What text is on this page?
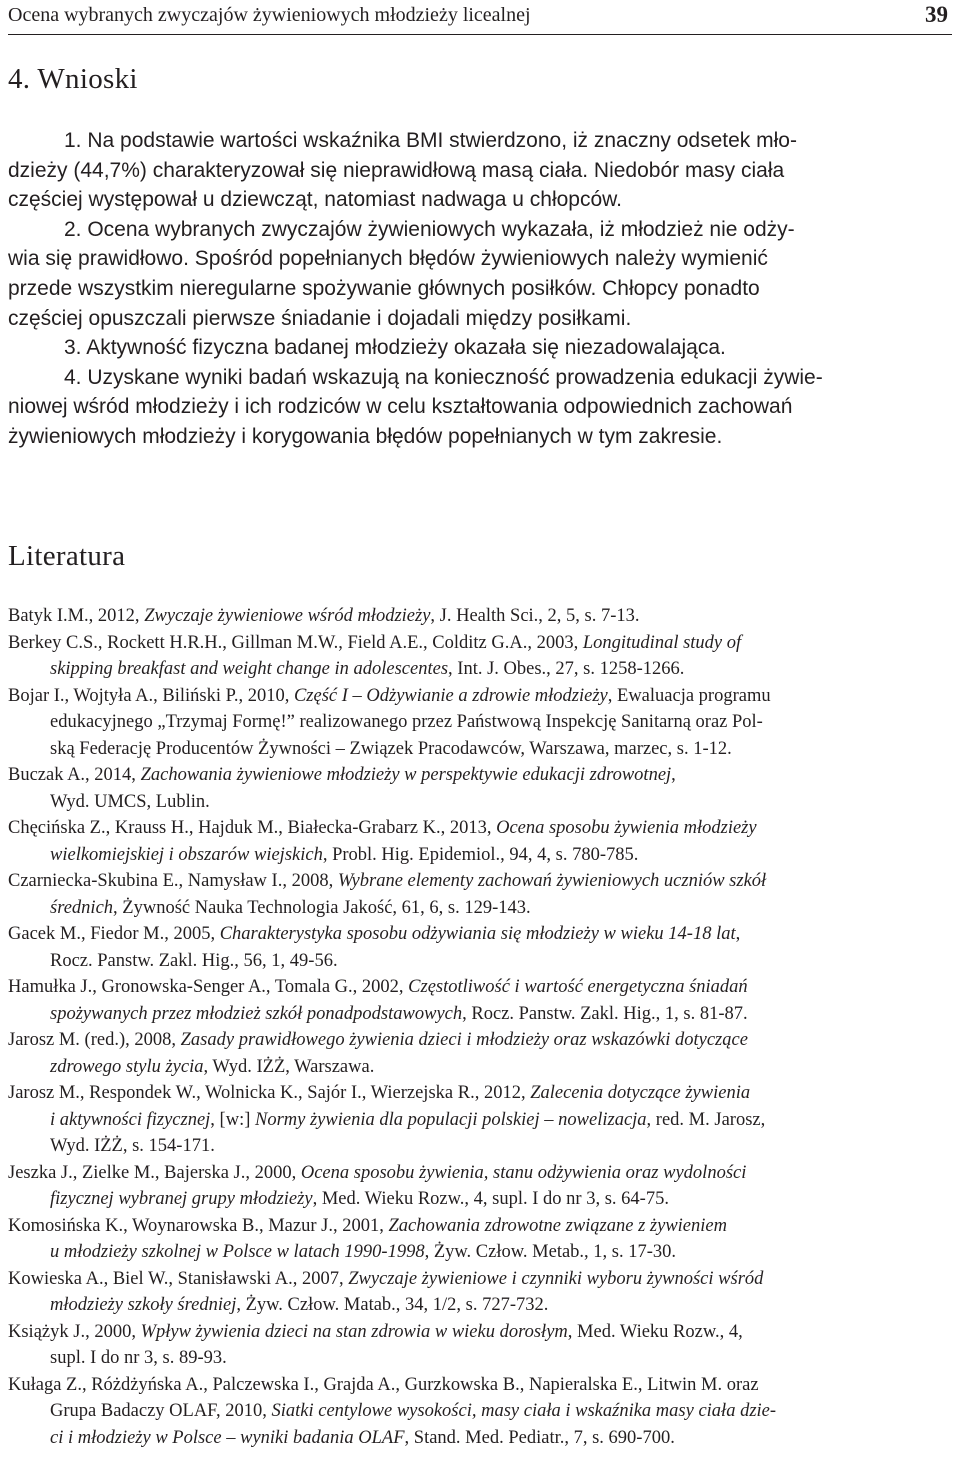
Ocena wybranych zwyczajów żywieniowych młodzieży licealnej	39
4. Wnioski
1. Na podstawie wartości wskaźnika BMI stwierdzono, iż znaczny odsetek mło-
dzieży (44,7%) charakteryzował się nieprawidłową masą ciała. Niedobór masy ciała
częściej występował u dziewcząt, natomiast nadwaga u chłopców.
2. Ocena wybranych zwyczajów żywieniowych wykazała, iż młodzież nie odży-
wia się prawidłowo. Spośród popełnianych błędów żywieniowych należy wymienić
przede wszystkim nieregularne spożywanie głównych posiłków. Chłopcy ponadto
częściej opuszczali pierwsze śniadanie i dojadali między posiłkami.
3. Aktywność fizyczna badanej młodzieży okazała się niezadowalająca.
4. Uzyskane wyniki badań wskazują na konieczność prowadzenia edukacji żywie-
niowej wśród młodzieży i ich rodziców w celu kształtowania odpowiednich zachowań
żywieniowych młodzieży i korygowania błędów popełnianych w tym zakresie.
Literatura
Batyk I.M., 2012, Zwyczaje żywieniowe wśród młodzieży, J. Health Sci., 2, 5, s. 7-13.
Berkey C.S., Rockett H.R.H., Gillman M.W., Field A.E., Colditz G.A., 2003, Longitudinal study of
skipping breakfast and weight change in adolescentes, Int. J. Obes., 27, s. 1258-1266.
Bojar I., Wojtyła A., Biliński P., 2010, Część I – Odżywianie a zdrowie młodzieży, Ewaluacja programu
edukacyjnego „Trzymaj Formę!” realizowanego przez Państwową Inspekcję Sanitarną oraz Pol-
ską Federację Producentów Żywności – Związek Pracodawców, Warszawa, marzec, s. 1-12.
Buczak A., 2014, Zachowania żywieniowe młodzieży w perspektywie edukacji zdrowotnej,
Wyd. UMCS, Lublin.
Chęcińska Z., Krauss H., Hajduk M., Białecka-Grabarz K., 2013, Ocena sposobu żywienia młodzieży
wielkomiejskiej i obszarów wiejskich, Probl. Hig. Epidemiol., 94, 4, s. 780-785.
Czarniecka-Skubina E., Namysław I., 2008, Wybrane elementy zachowań żywieniowych uczniów szkół
średnich, Żywność Nauka Technologia Jakość, 61, 6, s. 129-143.
Gacek M., Fiedor M., 2005, Charakterystyka sposobu odżywiania się młodzieży w wieku 14-18 lat,
Rocz. Panstw. Zakl. Hig., 56, 1, 49-56.
Hamułka J., Gronowska-Senger A., Tomala G., 2002, Częstotliwość i wartość energetyczna śniadań
spożywanych przez młodzież szkół ponadpodstawowych, Rocz. Panstw. Zakl. Hig., 1, s. 81-87.
Jarosz M. (red.), 2008, Zasady prawidłowego żywienia dzieci i młodzieży oraz wskazówki dotyczące
zdrowego stylu życia, Wyd. IŻŻ, Warszawa.
Jarosz M., Respondek W., Wolnicka K., Sajór I., Wierzejska R., 2012, Zalecenia dotyczące żywienia
i aktywności fizycznej, [w:] Normy żywienia dla populacji polskiej – nowelizacja, red. M. Jarosz,
Wyd. IŻŻ, s. 154-171.
Jeszka J., Zielke M., Bajerska J., 2000, Ocena sposobu żywienia, stanu odżywienia oraz wydolności
fizycznej wybranej grupy młodzieży, Med. Wieku Rozw., 4, supl. I do nr 3, s. 64-75.
Komosińska K., Woynarowska B., Mazur J., 2001, Zachowania zdrowotne związane z żywieniem
u młodzieży szkolnej w Polsce w latach 1990-1998, Żyw. Człow. Metab., 1, s. 17-30.
Kowieska A., Biel W., Stanisławski A., 2007, Zwyczaje żywieniowe i czynniki wyboru żywności wśród
młodzieży szkoły średniej, Żyw. Człow. Matab., 34, 1/2, s. 727-732.
Książyk J., 2000, Wpływ żywienia dzieci na stan zdrowia w wieku dorosłym, Med. Wieku Rozw., 4,
supl. I do nr 3, s. 89-93.
Kułaga Z., Różdżyńska A., Palczewska I., Grajda A., Gurzkowska B., Napieralska E., Litwin M. oraz
Grupa Badaczy OLAF, 2010, Siatki centylowe wysokości, masy ciała i wskaźnika masy ciała dzie-
ci i młodzieży w Polsce – wyniki badania OLAF, Stand. Med. Pediatr., 7, s. 690-700.
